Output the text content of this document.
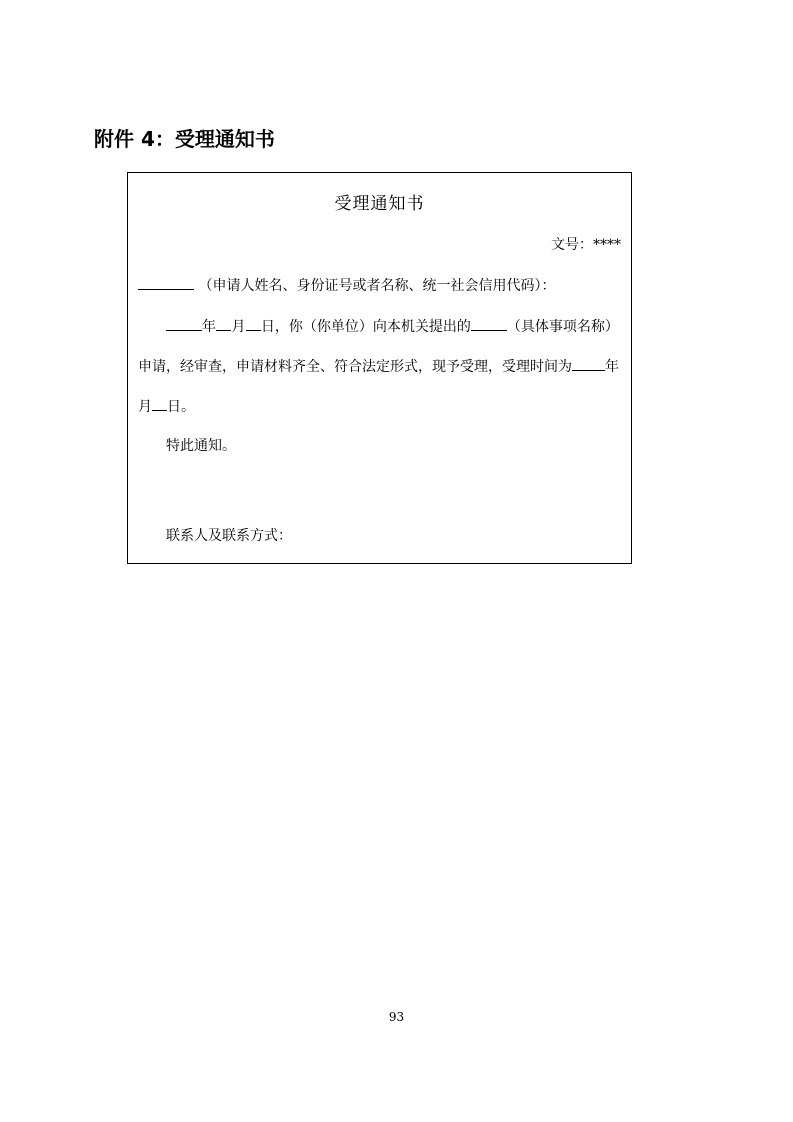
附件 4：受理通知书
受理通知书
文号：****
（申请人姓名、身份证号或者名称、统一社会信用代码）：
年 月 日，你（你单位）向本机关提出的	（具体事项名称）
申请，经审查，申请材料齐全、符合法定形式，现予受理，受理时间为 年
月 日。
特此通知。
联系人及联系方式：
93
